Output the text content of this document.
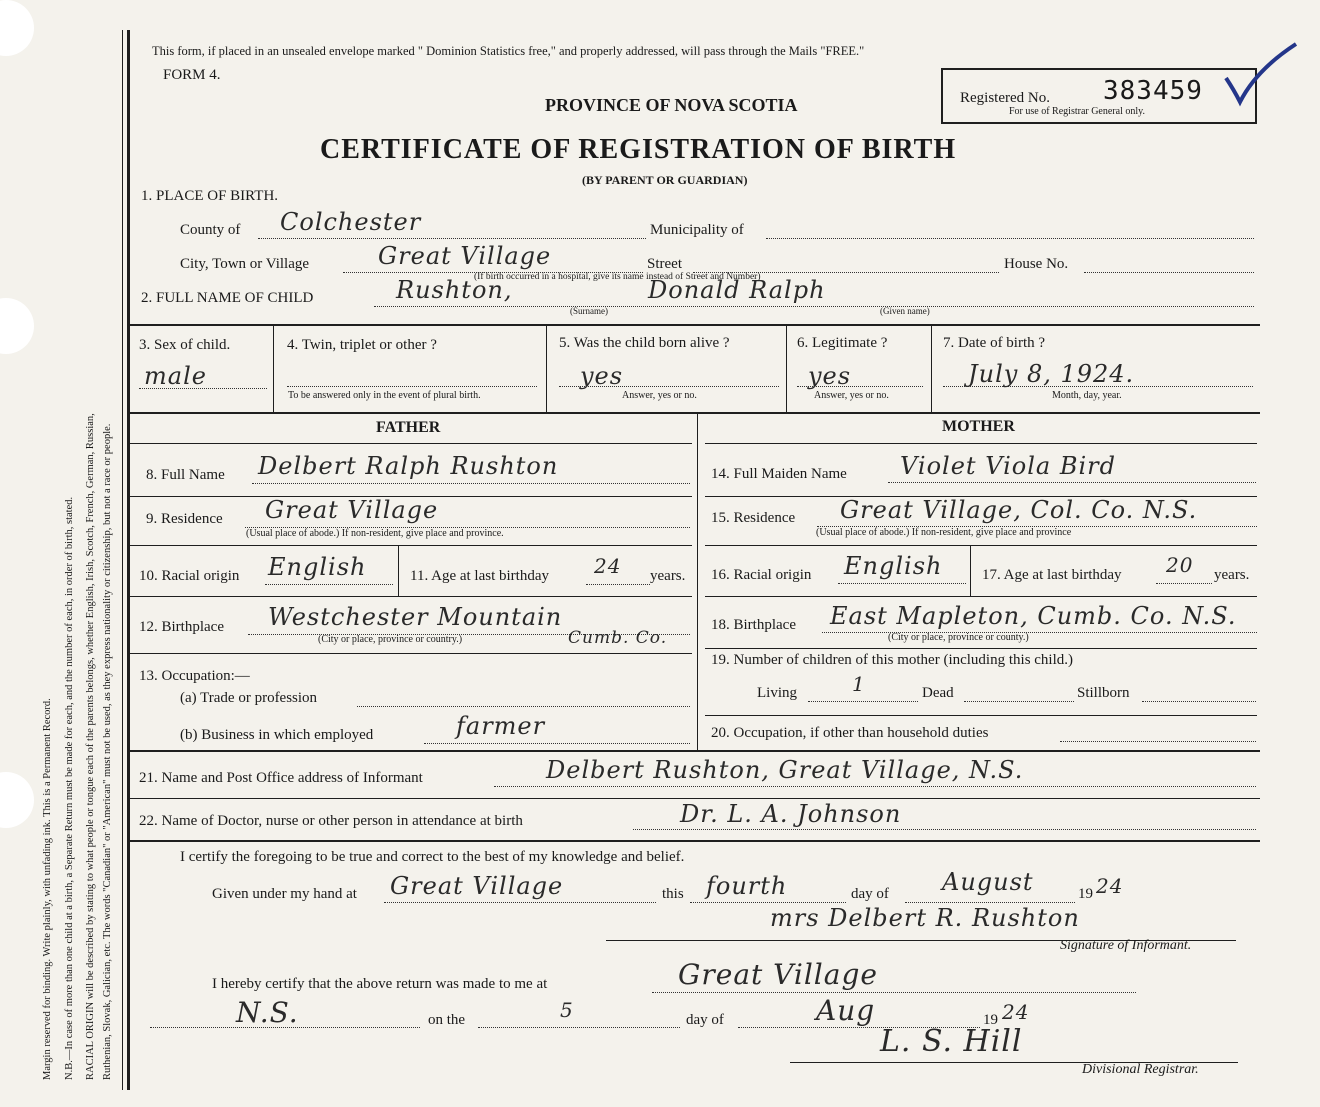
Margin reserved for binding. Write plainly, with unfading ink. This is a Permanent Record. N.B.—In case of more than one child at a birth, a Separate Return must be made for each, and the number of each, in order of birth, stated. RACIAL ORIGIN will be described by stating to what people or tongue each of the parents belongs, whether English, Irish, Scotch, French, German, Russian, Ruthenian, Slovak, Galician, etc. The words "Canadian" or "American" must not be used, as they express nationality or citizenship, but not a race or people.
This form, if placed in an unsealed envelope marked " Dominion Statistics free," and properly addressed, will pass through the Mails "FREE."
FORM 4.
PROVINCE OF NOVA SCOTIA
CERTIFICATE OF REGISTRATION OF BIRTH
(BY PARENT OR GUARDIAN)
Registered No. 383459
For use of Registrar General only.
1. PLACE OF BIRTH.
County of Colchester	Municipality of
City, Town or Village	Great Village	Street	House No.
(If birth occurred in a hospital, give its name instead of Street and Number)
2. FULL NAME OF CHILD	Rushton,	Donald Ralph
(Surname)	(Given name)
3. Sex of child.
male
4. Twin, triplet or other ?
To be answered only in the event of plural birth.
5. Was the child born alive ?
yes
Answer, yes or no.
6. Legitimate ?
yes
Answer, yes or no.
7. Date of birth ?
July 8, 1924.
Month, day, year.
FATHER	MOTHER
8. Full Name Delbert Ralph Rushton
9. Residence Great Village
(Usual place of abode.) If non-resident, give place and province.
10. Racial origin English	11. Age at last birthday 24 years.
12. Birthplace Westchester Mountain
(City or place, province or country.)	Cumb. Co.
13. Occupation:—
(a) Trade or profession
(b) Business in which employed	farmer
14. Full Maiden Name Violet Viola Bird
15. Residence Great Village, Col. Co. N.S.
(Usual place of abode.) If non-resident, give place and province
16. Racial origin English	17. Age at last birthday 20 years.
18. Birthplace East Mapleton, Cumb. Co. N.S.
(City or place, province or county.)
19. Number of children of this mother (including this child.)
Living	1	Dead	Stillborn
20. Occupation, if other than household duties
21. Name and Post Office address of Informant	Delbert Rushton, Great Village, N.S.
22. Name of Doctor, nurse or other person in attendance at birth	Dr. L. A. Johnson
I certify the foregoing to be true and correct to the best of my knowledge and belief.
Given under my hand at Great Village	this fourth	day of August	19 24
mrs Delbert R. Rushton
Signature of Informant.
I hereby certify that the above return was made to me at	Great Village
N.S.	on the	5	day of	Aug	19 24
L. S. Hill
Divisional Registrar.
